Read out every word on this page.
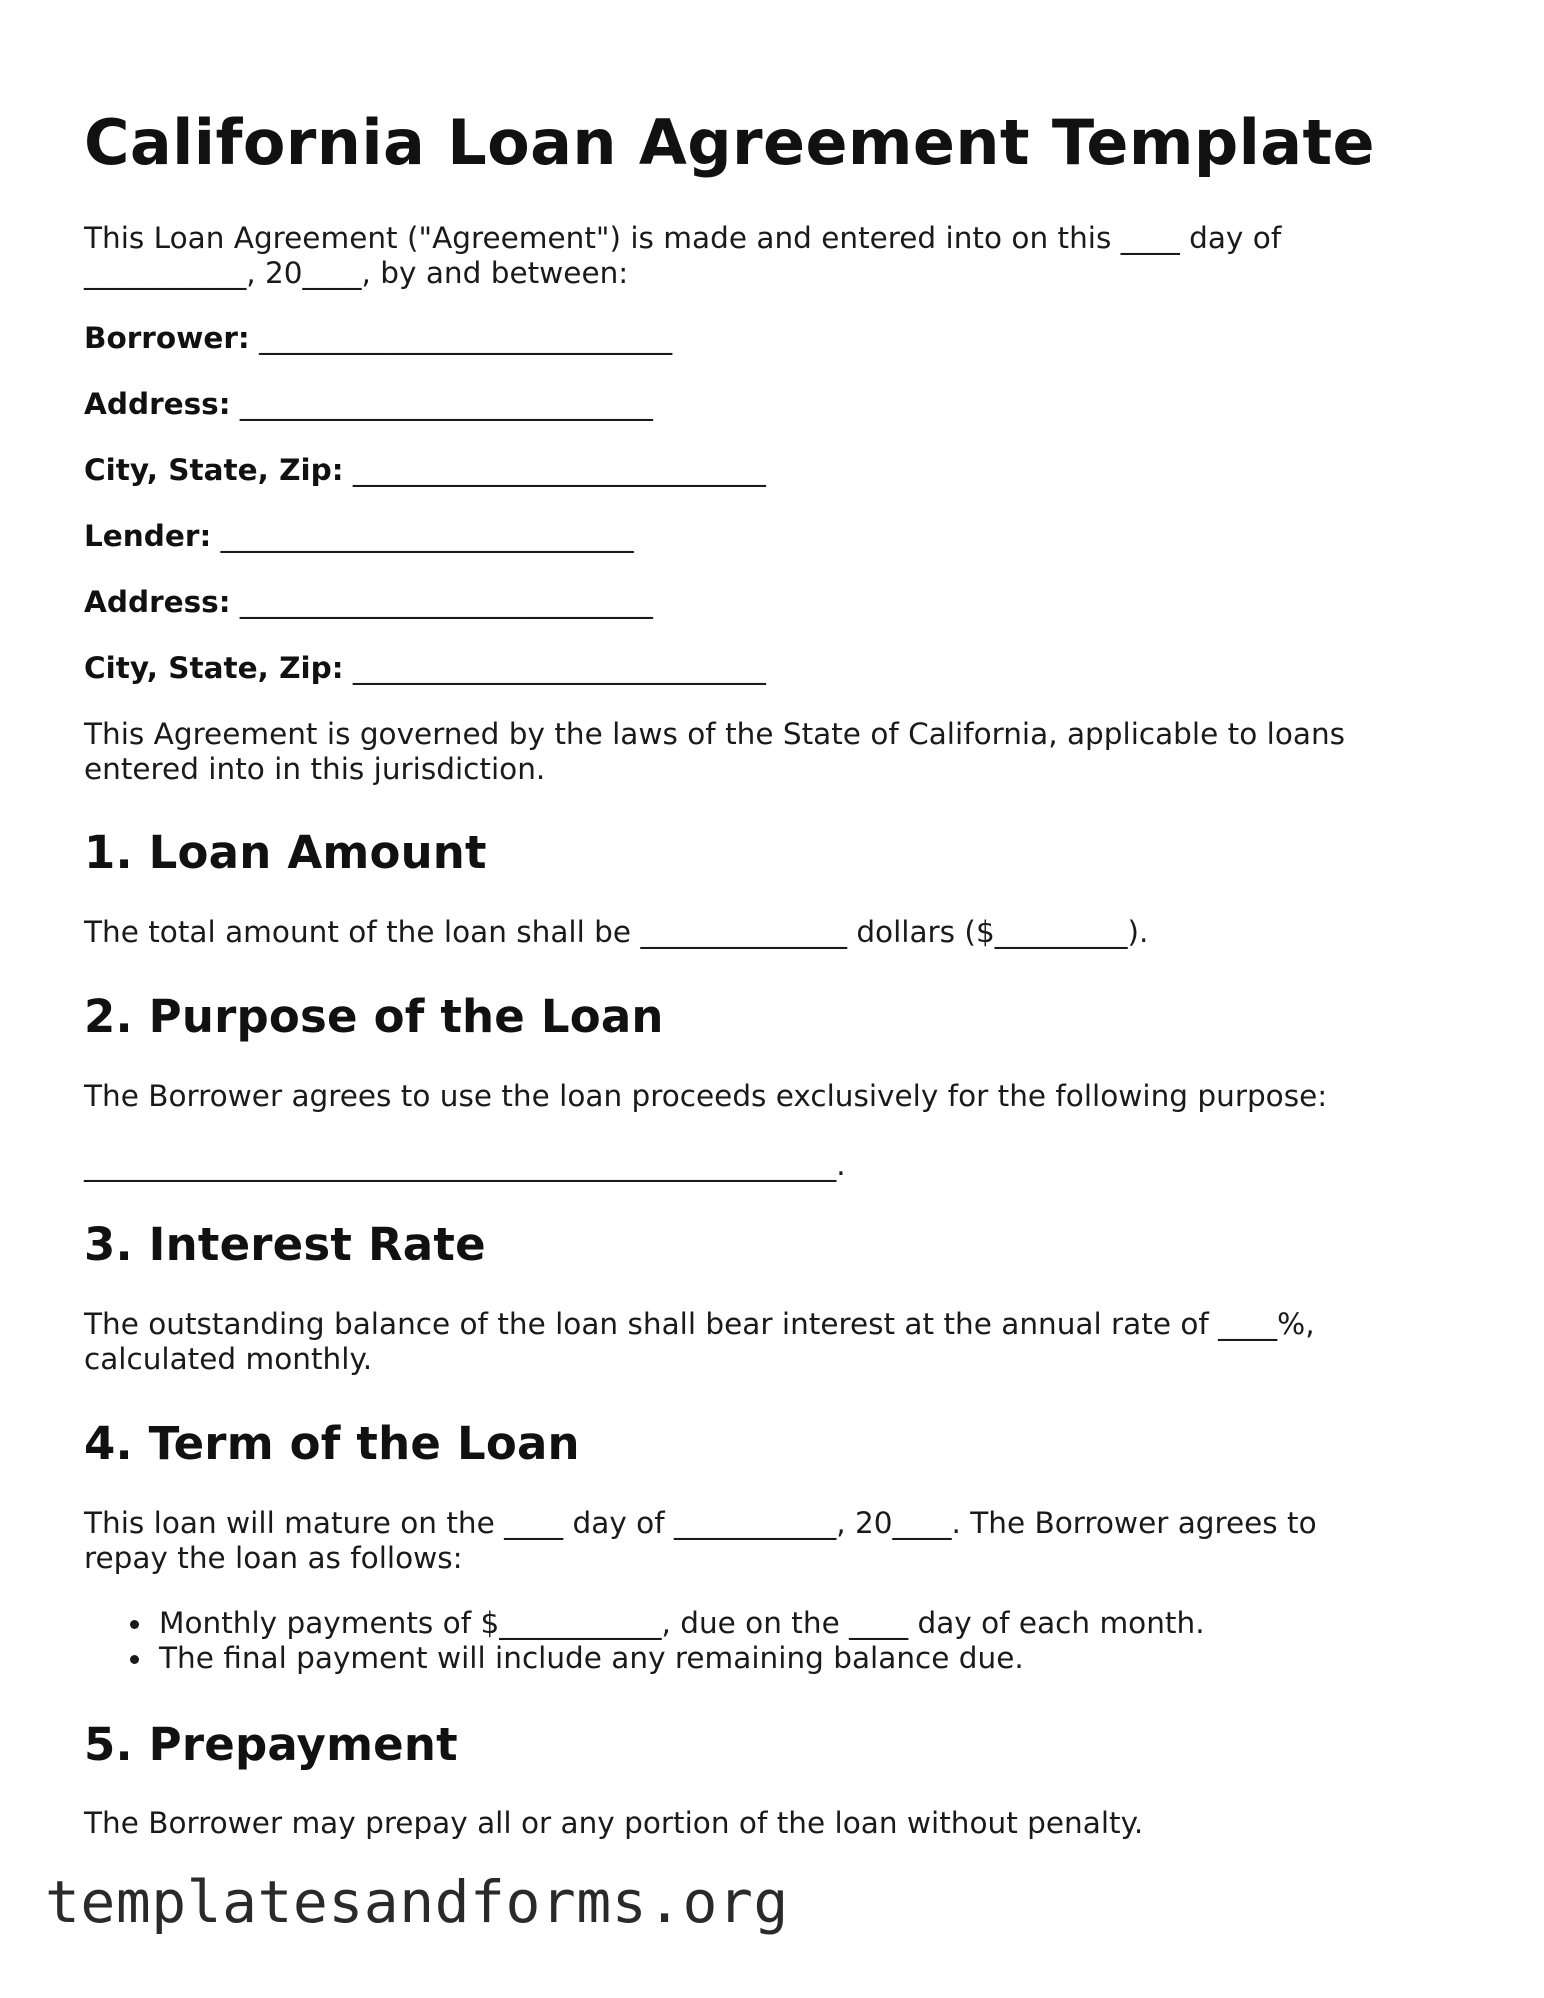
California Loan Agreement Template

This Loan Agreement ("Agreement") is made and entered into on this ____ day of

___________, 20____, by and between:

Borrower: ____________________________

Address: ____________________________

City, State, Zip: ____________________________

Lender: ____________________________

Address: ____________________________

City, State, Zip: ____________________________

This Agreement is governed by the laws of the State of California, applicable to loans

entered into in this jurisdiction.

1. Loan Amount

The total amount of the loan shall be ______________ dollars ($_________).

2. Purpose of the Loan

The Borrower agrees to use the loan proceeds exclusively for the following purpose:

___________________________________________________.

3. Interest Rate

The outstanding balance of the loan shall bear interest at the annual rate of ____%,

calculated monthly.

4. Term of the Loan

This loan will mature on the ____ day of ___________, 20____. The Borrower agrees to

repay the loan as follows:

Monthly payments of $___________, due on the ____ day of each month.
The final payment will include any remaining balance due.
5. Prepayment

The Borrower may prepay all or any portion of the loan without penalty.

templatesandforms.org
